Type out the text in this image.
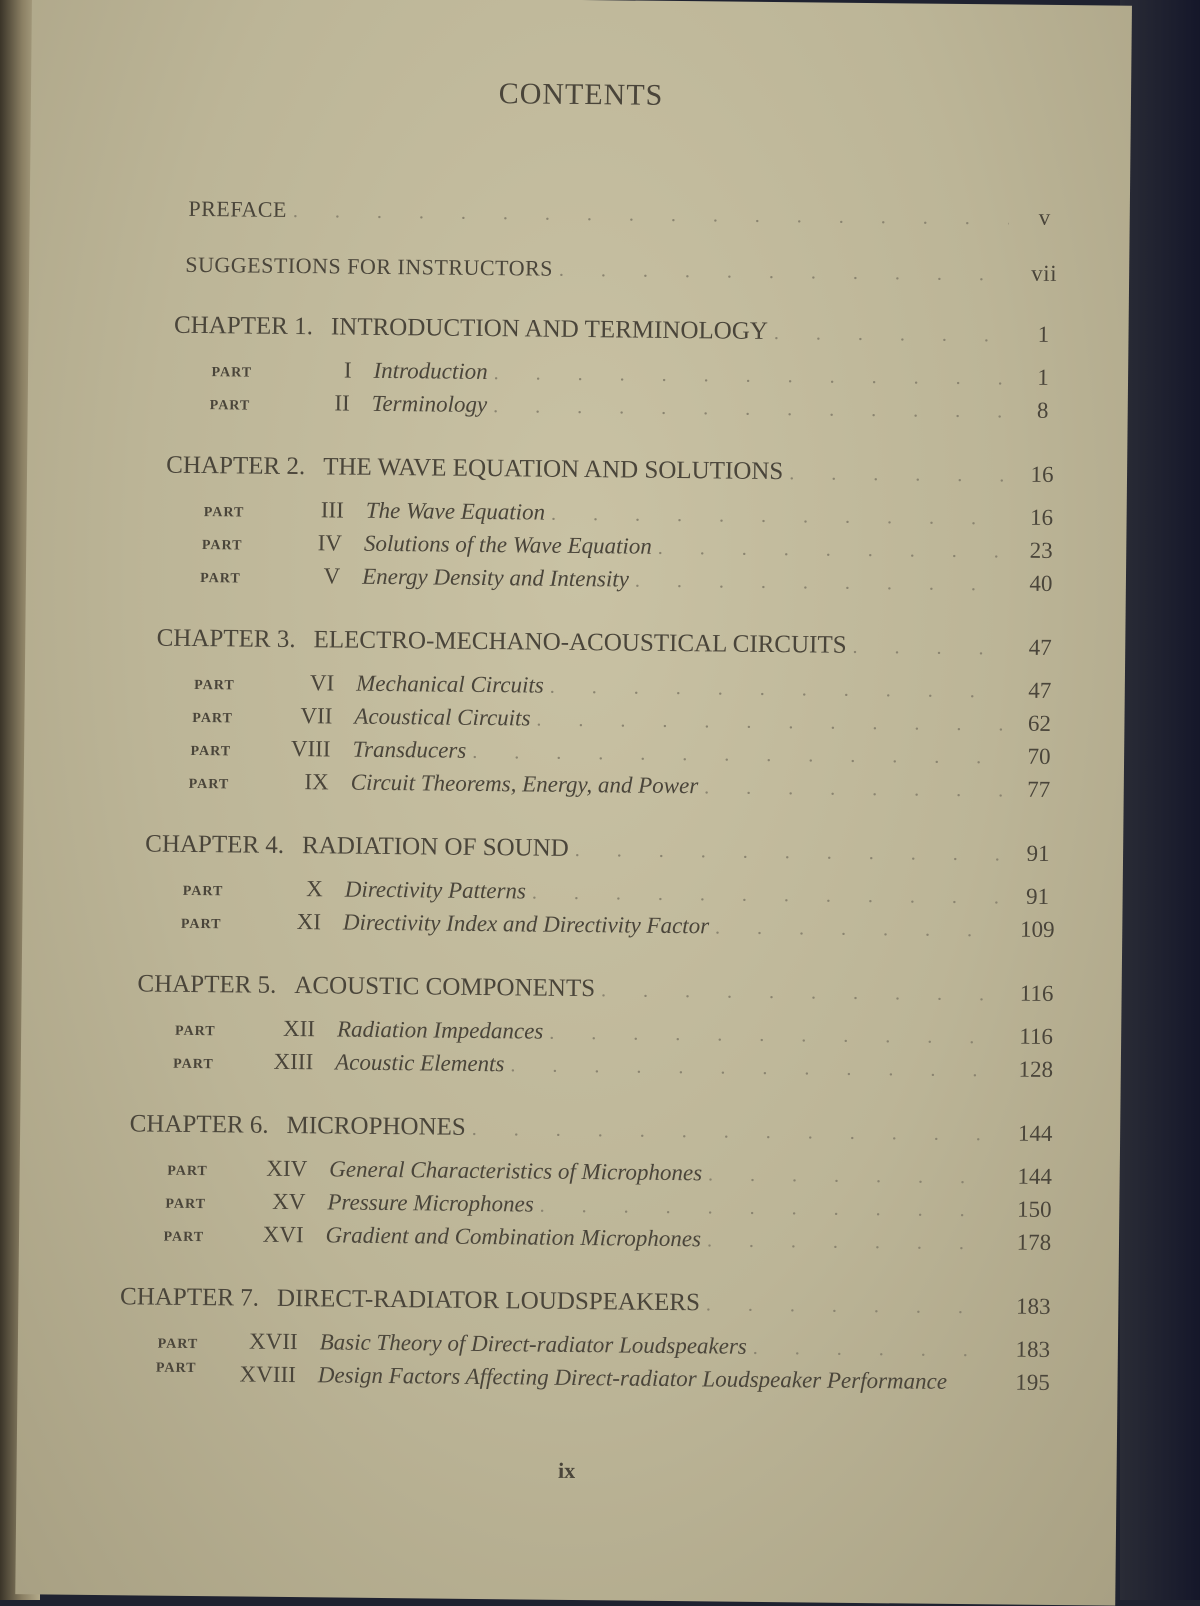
CONTENTS
PREFACE . . .	v
SUGGESTIONS FOR INSTRUCTORS . . .	vii
CHAPTER 1. INTRODUCTION AND TERMINOLOGY . . .	1
PART	I Introduction . . .	1
PART	II Terminology . . .	8
CHAPTER 2. THE WAVE EQUATION AND SOLUTIONS . . .	16
PART	III The Wave Equation . . .	16
PART	IV Solutions of the Wave Equation . . .	23
PART	V Energy Density and Intensity . . .	40
CHAPTER 3. ELECTRO-MECHANO-ACOUSTICAL CIRCUITS . . .	47
PART	VI Mechanical Circuits . . .	47
PART	VII Acoustical Circuits . . .	62
PART	VIII Transducers . . .	70
PART	IX Circuit Theorems, Energy, and Power . . .	77
CHAPTER 4. RADIATION OF SOUND . . .	91
PART	X Directivity Patterns . . .	91
PART	XI Directivity Index and Directivity Factor . . .	109
CHAPTER 5. ACOUSTIC COMPONENTS . . .	116
PART	XII Radiation Impedances . . .	116
PART	XIII Acoustic Elements . . .	128
CHAPTER 6. MICROPHONES . . .	144
PART	XIV General Characteristics of Microphones . . .	144
PART	XV Pressure Microphones . . .	150
PART	XVI Gradient and Combination Microphones . . .	178
CHAPTER 7. DIRECT-RADIATOR LOUDSPEAKERS . . .	183
PART	XVII Basic Theory of Direct-radiator Loudspeakers . . .	183
PART	XVIII Design Factors Affecting Direct-radiator Loudspeaker Performance	195
ix
